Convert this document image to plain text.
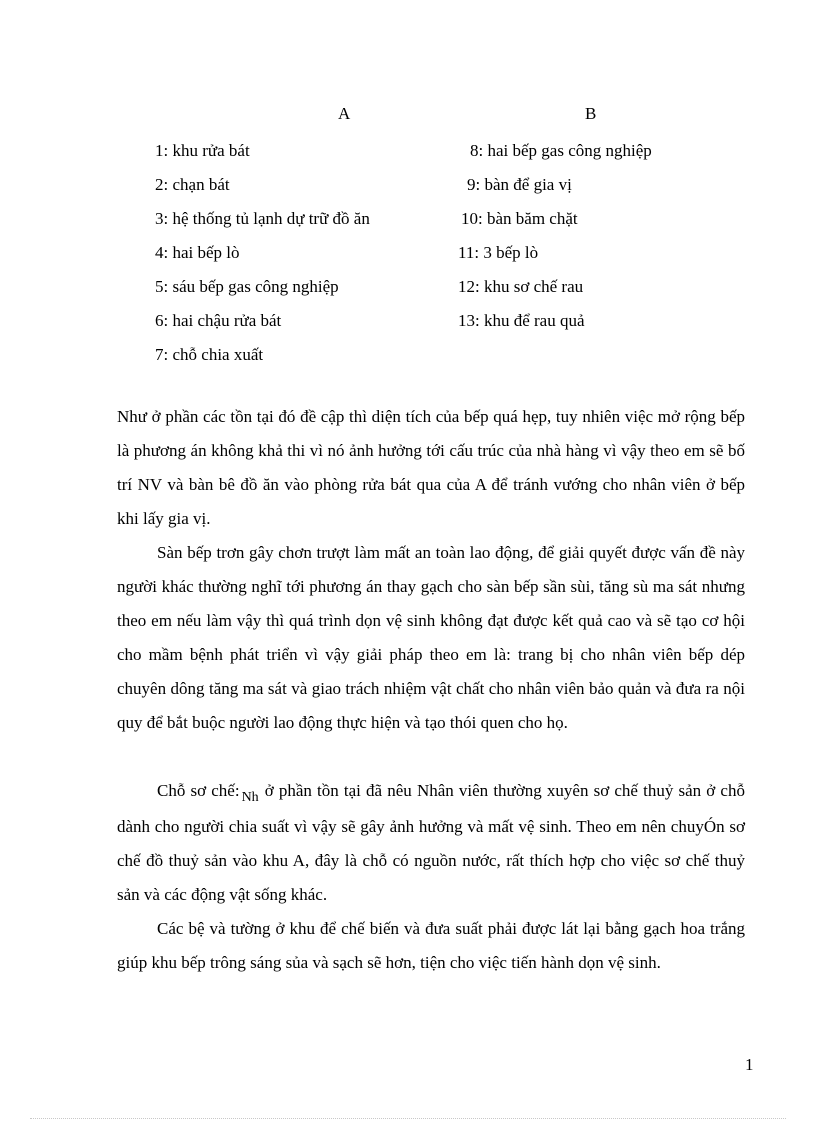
A	B
1: khu rửa bát
2: chạn bát
3: hệ thống tủ lạnh dự trữ đồ ăn
4: hai bếp lò
5: sáu bếp gas công nghiệp
6: hai chậu rửa bát
7: chỗ chia xuất
8: hai bếp gas công nghiệp
9: bàn để gia vị
10: bàn băm chặt
11: 3 bếp lò
12: khu sơ chế rau
13: khu để rau quả

Như ở phần các tồn tại đó đề cập thì diện tích của bếp quá hẹp, tuy nhiên việc mở rộng bếp là phương án không khả thi vì nó ảnh hưởng tới cấu trúc của nhà hàng vì vậy theo em sẽ bố trí NV và bàn bê đồ ăn vào phòng rửa bát qua của A để tránh vướng cho nhân viên ở bếp khi lấy gia vị.

Sàn bếp trơn gây chơn trượt làm mất an toàn lao động, để giải quyết được vấn đề này người khác thường nghĩ tới phương án thay gạch cho sàn bếp sần sùi, tăng sù ma sát nhưng theo em nếu làm vậy thì quá trình dọn vệ sinh không đạt được kết quả cao và sẽ tạo cơ hội cho mầm bệnh phát triển vì vậy giải pháp theo em là: trang bị cho nhân viên bếp dép chuyên dông tăng ma sát và giao trách nhiệm vật chất cho nhân viên bảo quản và đưa ra nội quy để bắt buộc người lao động thực hiện và tạo thói quen cho họ.

Chỗ sơ chế: $_{Nh}$ ở phần tồn tại đã nêu Nhân viên thường xuyên sơ chế thuỷ sản ở chỗ dành cho người chia suất vì vậy sẽ gây ảnh hưởng và mất vệ sinh. Theo em nên chuyÓn sơ chế đồ thuỷ sản vào khu A, đây là chỗ có nguồn nước, rất thích hợp cho việc sơ chế thuỷ sản và các động vật sống khác.

Các bệ và tường ở khu để chế biến và đưa suất phải được lát lại bằng gạch hoa trắng giúp khu bếp trông sáng sủa và sạch sẽ hơn, tiện cho việc tiến hành dọn vệ sinh.

1
